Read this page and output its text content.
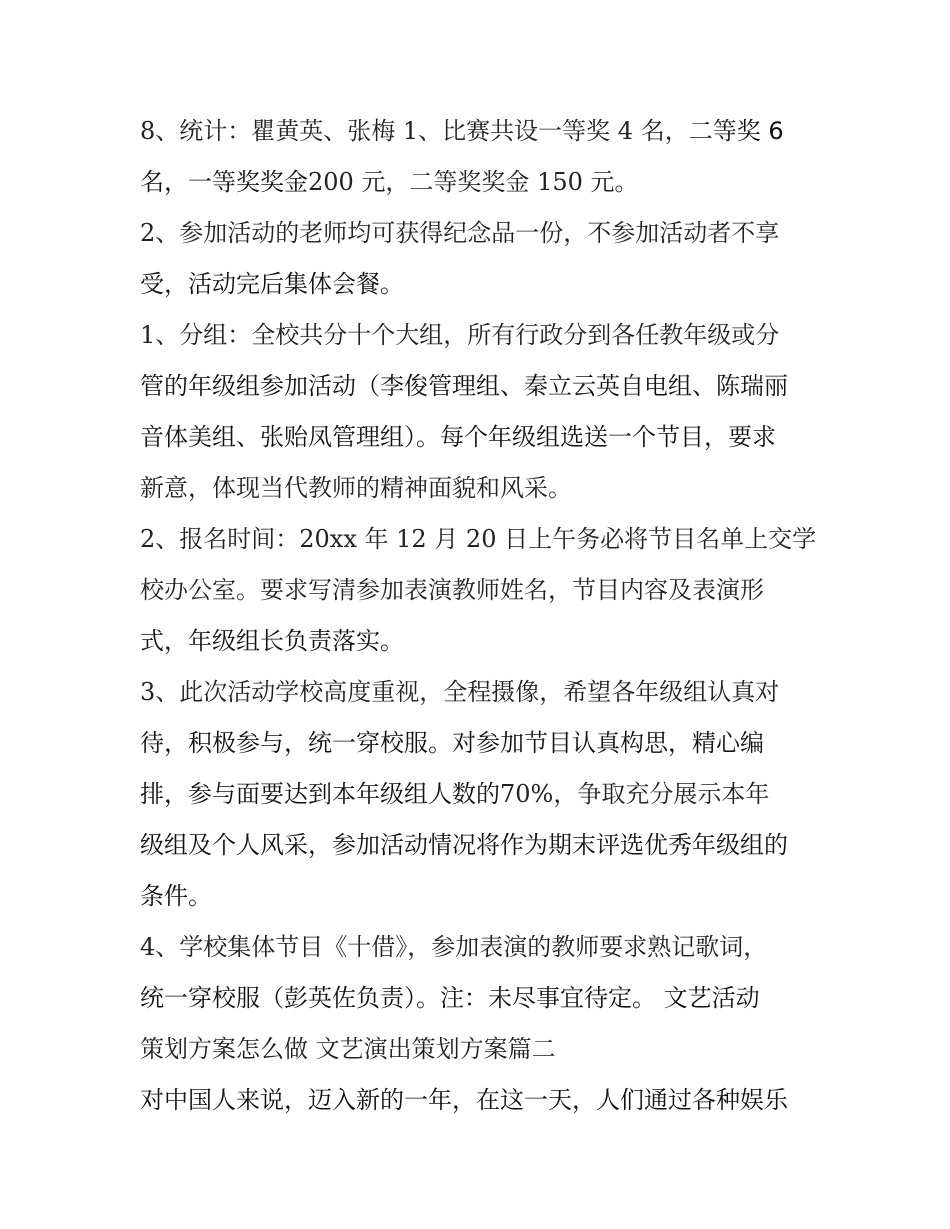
8、统计：瞿黄英、张梅 1、比赛共设一等奖 4 名，二等奖 6
名，一等奖奖金200 元，二等奖奖金 150 元。
2、参加活动的老师均可获得纪念品一份，不参加活动者不享
受，活动完后集体会餐。
1、分组：全校共分十个大组，所有行政分到各任教年级或分
管的年级组参加活动（李俊管理组、秦立云英自电组、陈瑞丽
音体美组、张贻凤管理组）。每个年级组选送一个节目，要求
新意，体现当代教师的精神面貌和风采。
2、报名时间：20xx 年 12 月 20 日上午务必将节目名单上交学
校办公室。要求写清参加表演教师姓名，节目内容及表演形
式，年级组长负责落实。
3、此次活动学校高度重视，全程摄像，希望各年级组认真对
待，积极参与，统一穿校服。对参加节目认真构思，精心编
排，参与面要达到本年级组人数的70%，争取充分展示本年
级组及个人风采，参加活动情况将作为期末评选优秀年级组的
条件。
4、学校集体节目《十借》，参加表演的教师要求熟记歌词，
统一穿校服（彭英佐负责）。注：未尽事宜待定。 文艺活动
策划方案怎么做 文艺演出策划方案篇二
对中国人来说，迈入新的一年，在这一天，人们通过各种娱乐
